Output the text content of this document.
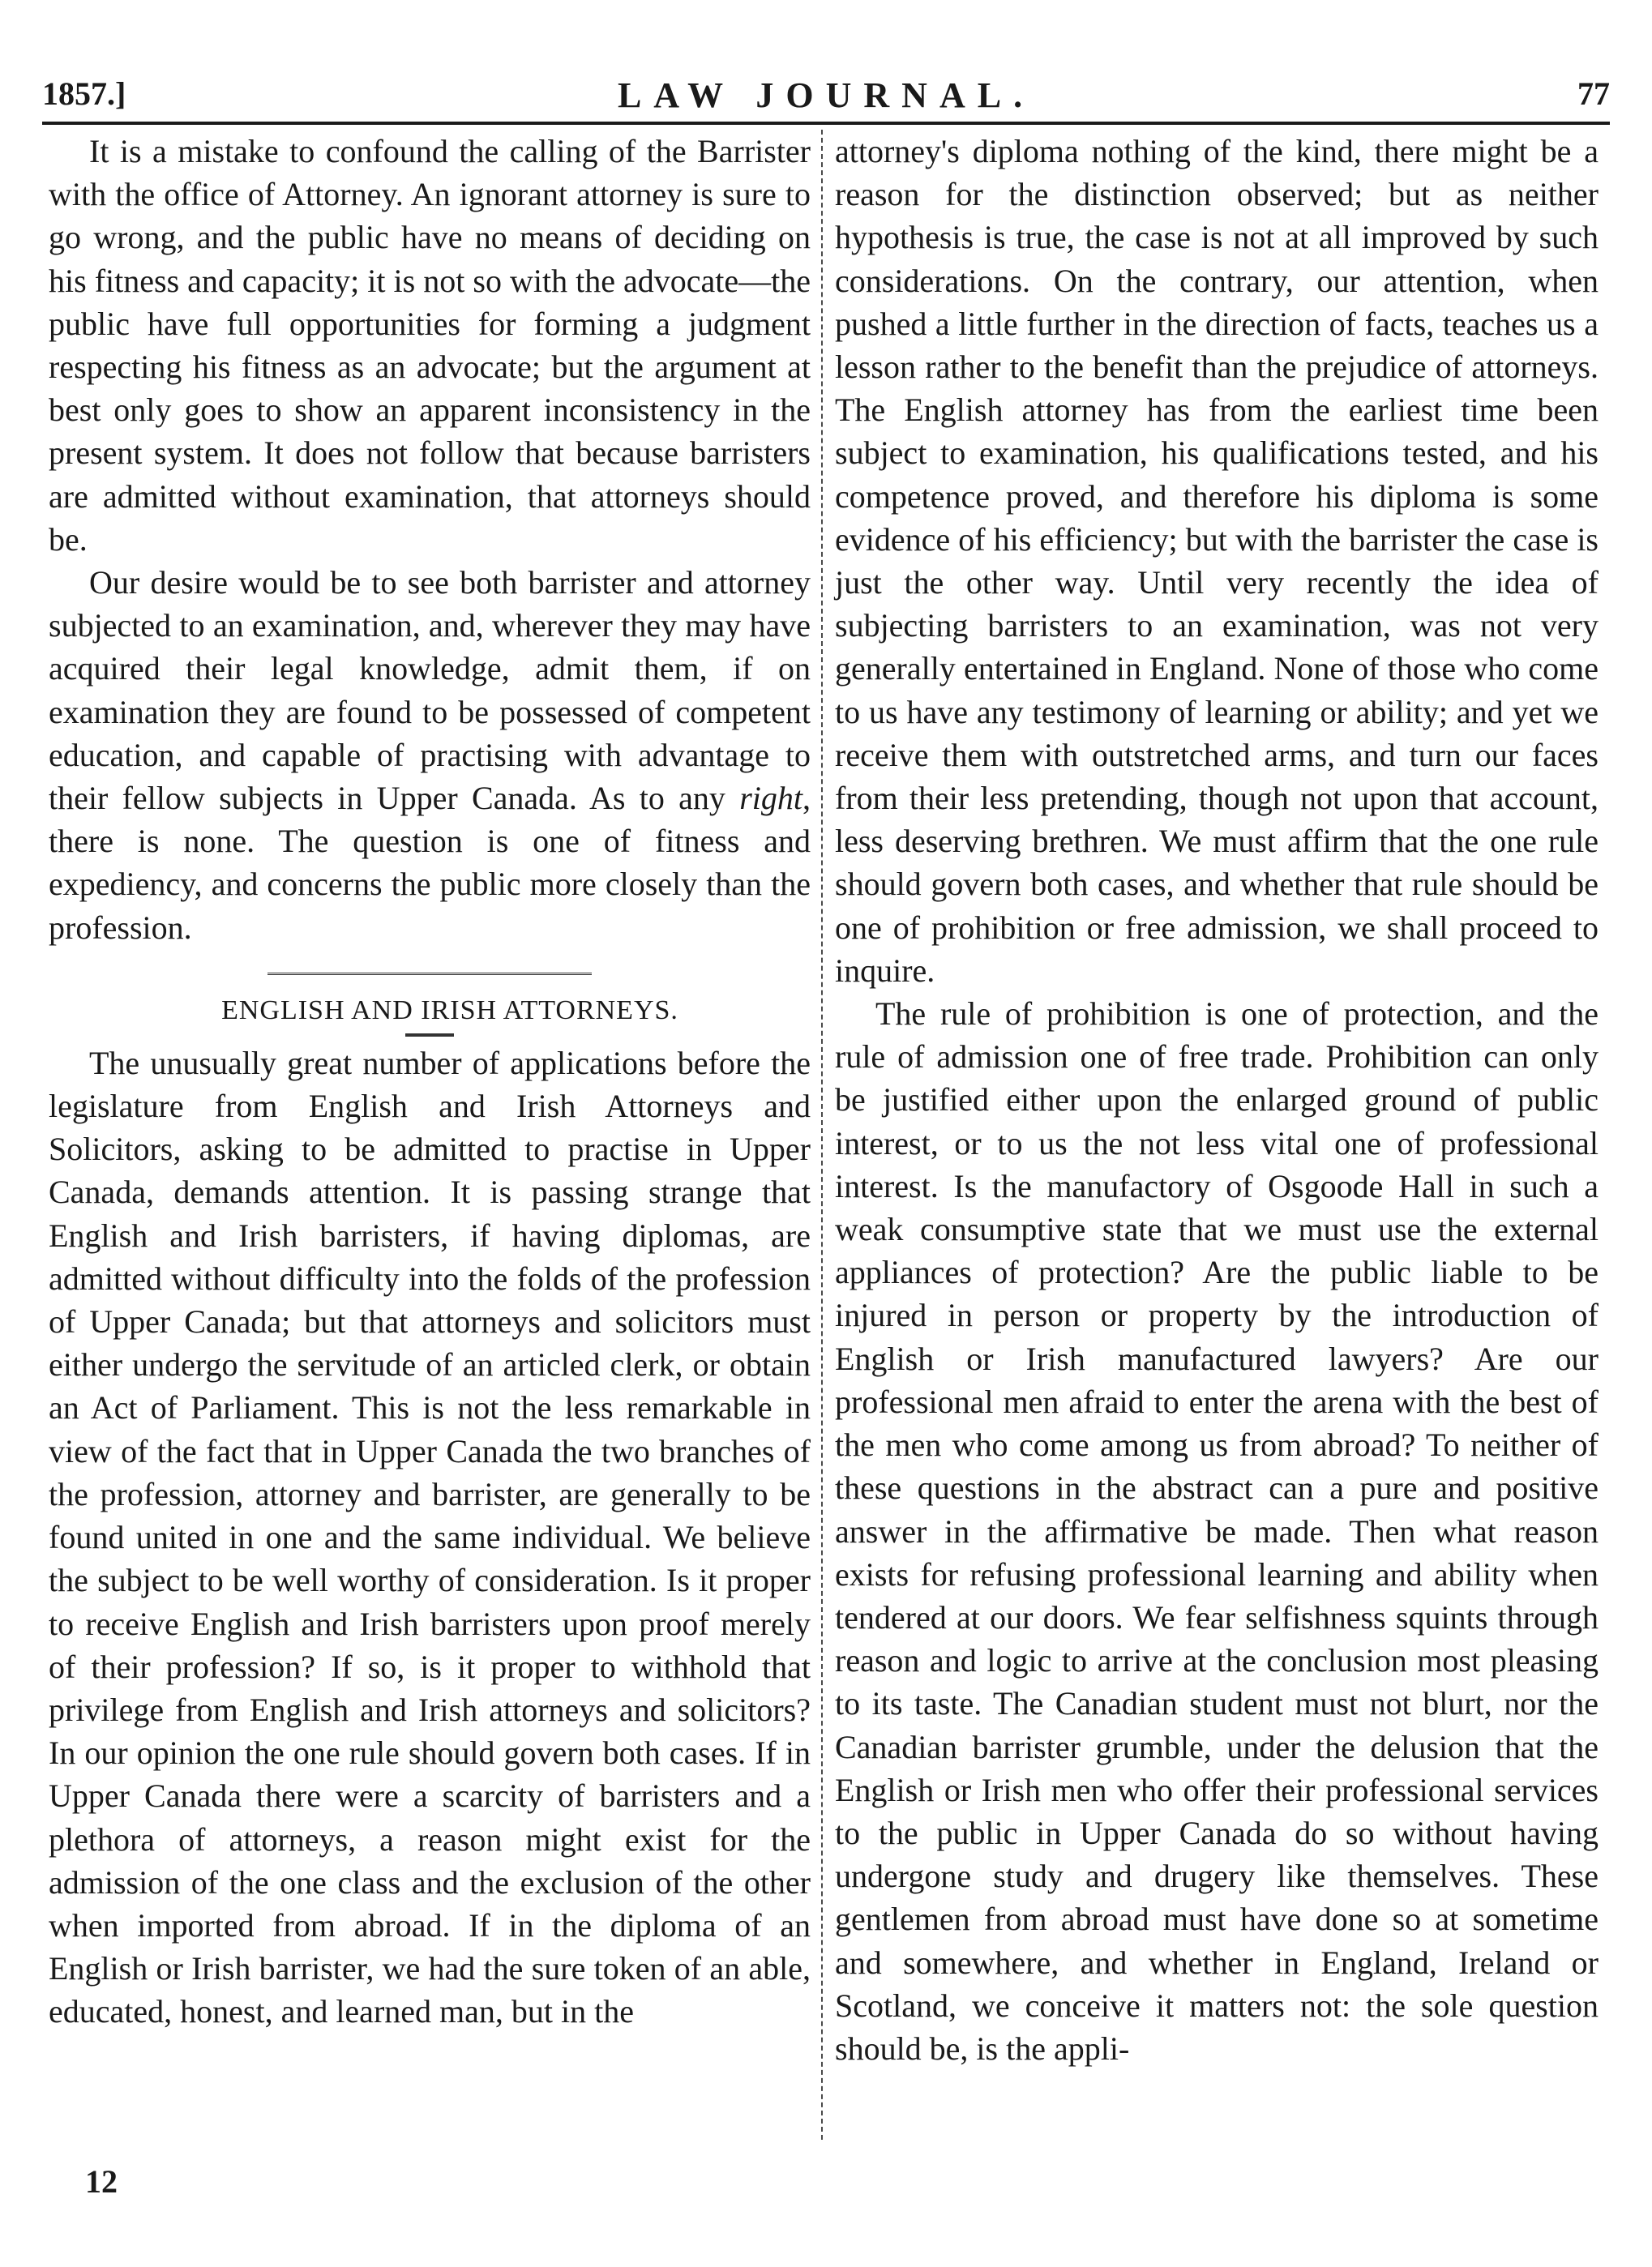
1857.]	LAW JOURNAL.	77

It is a mistake to confound the calling of the Barrister with the office of Attorney. An ignorant attorney is sure to go wrong, and the public have no means of deciding on his fitness and capacity; it is not so with the advocate—the public have full opportunities for forming a judgment respecting his fitness as an advocate; but the argument at best only goes to show an apparent inconsistency in the present system. It does not follow that because barristers are admitted without examination, that attorneys should be.

Our desire would be to see both barrister and attorney subjected to an examination, and, wherever they may have acquired their legal knowledge, admit them, if on examination they are found to be possessed of competent education, and capable of practising with advantage to their fellow subjects in Upper Canada. As to any right, there is none. The question is one of fitness and expediency, and concerns the public more closely than the profession.

ENGLISH AND IRISH ATTORNEYS.

The unusually great number of applications before the legislature from English and Irish Attorneys and Solicitors, asking to be admitted to practise in Upper Canada, demands attention. It is passing strange that English and Irish barristers, if having diplomas, are admitted without difficulty into the folds of the profession of Upper Canada; but that attorneys and solicitors must either undergo the servitude of an articled clerk, or obtain an Act of Parliament. This is not the less remarkable in view of the fact that in Upper Canada the two branches of the profession, attorney and barrister, are generally to be found united in one and the same individual. We believe the subject to be well worthy of consideration. Is it proper to receive English and Irish barristers upon proof merely of their profession? If so, is it proper to withhold that privilege from English and Irish attorneys and solicitors? In our opinion the one rule should govern both cases. If in Upper Canada there were a scarcity of barristers and a plethora of attorneys, a reason might exist for the admission of the one class and the exclusion of the other when imported from abroad. If in the diploma of an English or Irish barrister, we had the sure token of an able, educated, honest, and learned man, but in the

attorney's diploma nothing of the kind, there might be a reason for the distinction observed; but as neither hypothesis is true, the case is not at all improved by such considerations. On the contrary, our attention, when pushed a little further in the direction of facts, teaches us a lesson rather to the benefit than the prejudice of attorneys. The English attorney has from the earliest time been subject to examination, his qualifications tested, and his competence proved, and therefore his diploma is some evidence of his efficiency; but with the barrister the case is just the other way. Until very recently the idea of subjecting barristers to an examination, was not very generally entertained in England. None of those who come to us have any testimony of learning or ability; and yet we receive them with outstretched arms, and turn our faces from their less pretending, though not upon that account, less deserving brethren. We must affirm that the one rule should govern both cases, and whether that rule should be one of prohibition or free admission, we shall proceed to inquire.

The rule of prohibition is one of protection, and the rule of admission one of free trade. Prohibition can only be justified either upon the enlarged ground of public interest, or to us the not less vital one of professional interest. Is the manufactory of Osgoode Hall in such a weak consumptive state that we must use the external appliances of protection? Are the public liable to be injured in person or property by the introduction of English or Irish manufactured lawyers? Are our professional men afraid to enter the arena with the best of the men who come among us from abroad? To neither of these questions in the abstract can a pure and positive answer in the affirmative be made. Then what reason exists for refusing professional learning and ability when tendered at our doors. We fear selfishness squints through reason and logic to arrive at the conclusion most pleasing to its taste. The Canadian student must not blurt, nor the Canadian barrister grumble, under the delusion that the English or Irish men who offer their professional services to the public in Upper Canada do so without having undergone study and drugery like themselves. These gentlemen from abroad must have done so at sometime and somewhere, and whether in England, Ireland or Scotland, we conceive it matters not: the sole question should be, is the appli-

12
